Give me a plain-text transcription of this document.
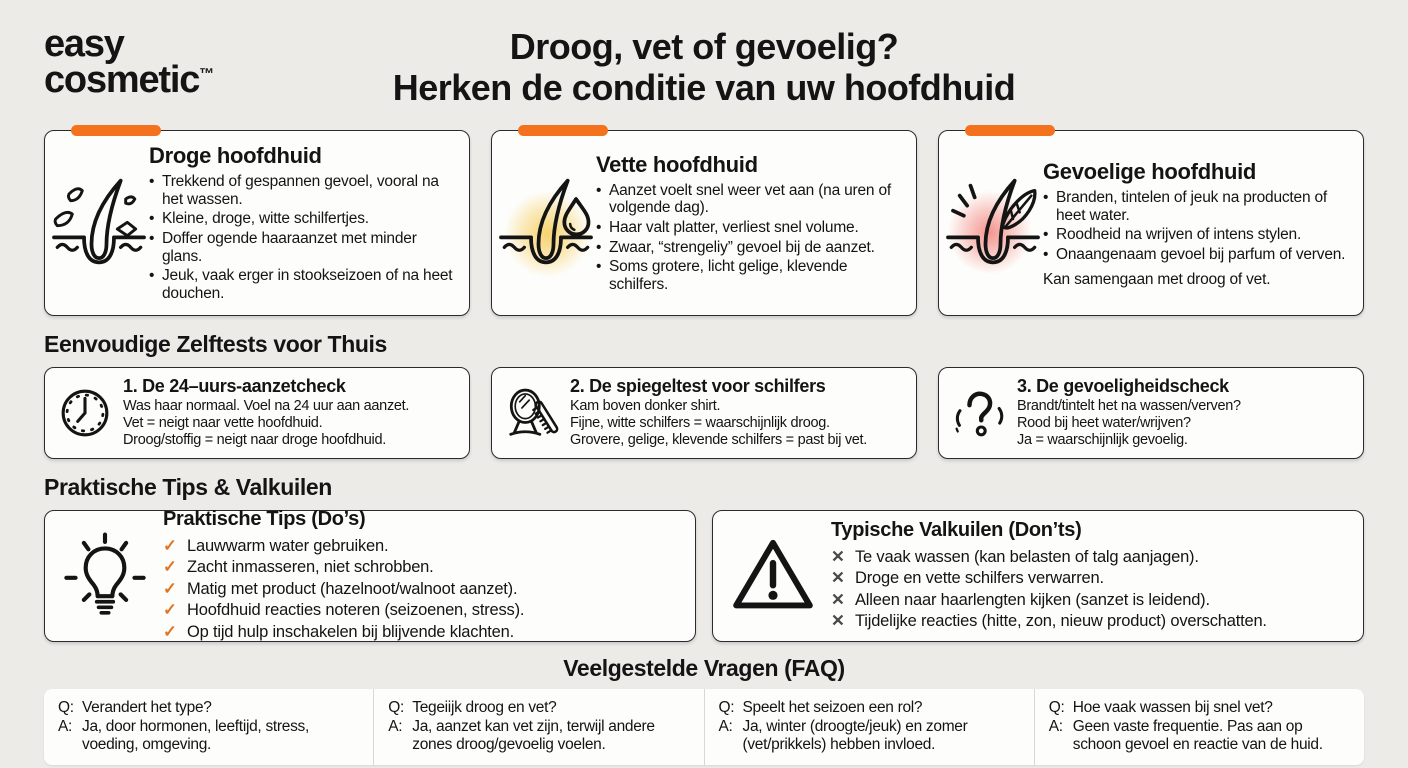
easy
cosmetic™
Droog, vet of gevoelig?
Herken de conditie van uw hoofdhuid
Droge hoofdhuid
• Trekkend of gespannen gevoel, vooral na het wassen.
• Kleine, droge, witte schilfertjes.
• Doffer ogende haaraanzet met minder glans.
• Jeuk, vaak erger in stookseizoen of na heet douchen.
Vette hoofdhuid
• Aanzet voelt snel weer vet aan (na uren of volgende dag).
• Haar valt platter, verliest snel volume.
• Zwaar, “strengeliy” gevoel bij de aanzet.
• Soms grotere, licht gelige, klevende schilfers.
Gevoelige hoofdhuid
• Branden, tintelen of jeuk na producten of heet water.
• Roodheid na wrijven of intens stylen.
• Onaangenaam gevoel bij parfum of verven.
Kan samengaan met droog of vet.
Eenvoudige Zelftests voor Thuis
1. De 24–uurs-aanzetcheck
Was haar normaal. Voel na 24 uur aan aanzet.
Vet = neigt naar vette hoofdhuid.
Droog/stoffig = neigt naar droge hoofdhuid.
2. De spiegeltest voor schilfers
Kam boven donker shirt.
Fijne, witte schilfers = waarschijnlijk droog.
Grovere, gelige, klevende schilfers = past bij vet.
3. De gevoeligheidscheck
Brandt/tintelt het na wassen/verven?
Rood bij heet water/wrijven?
Ja = waarschijnlijk gevoelig.
Praktische Tips & Valkuilen
Praktische Tips (Do’s)
✓ Lauwwarm water gebruiken.
✓ Zacht inmasseren, niet schrobben.
✓ Matig met product (hazelnoot/walnoot aanzet).
✓ Hoofdhuid reacties noteren (seizoenen, stress).
✓ Op tijd hulp inschakelen bij blijvende klachten.
Typische Valkuilen (Don’ts)
✕ Te vaak wassen (kan belasten of talg aanjagen).
✕ Droge en vette schilfers verwarren.
✕ Alleen naar haarlengten kijken (sanzet is leidend).
✕ Tijdelijke reacties (hitte, zon, nieuw product) overschatten.
Veelgestelde Vragen (FAQ)
Q: Verandert het type?
A: Ja, door hormonen, leeftijd, stress, voeding, omgeving.
Q: Tegeiijk droog en vet?
A: Ja, aanzet kan vet zijn, terwijl andere zones droog/gevoelig voelen.
Q: Speelt het seizoen een rol?
A: Ja, winter (droogte/jeuk) en zomer (vet/prikkels) hebben invloed.
Q: Hoe vaak wassen bij snel vet?
A: Geen vaste frequentie. Pas aan op schoon gevoel en reactie van de huid.
